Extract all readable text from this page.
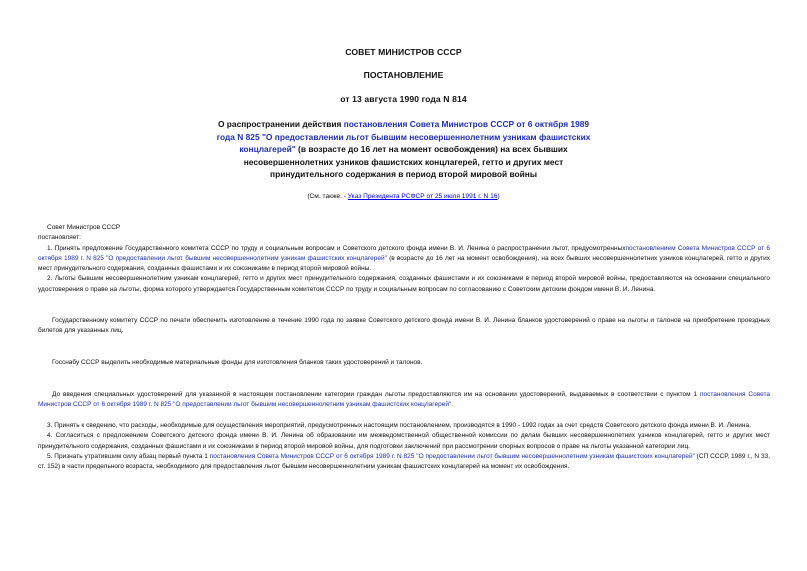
СОВЕТ МИНИСТРОВ СССР
ПОСТАНОВЛЕНИЕ
от 13 августа 1990 года N 814
О распространении действия постановления Совета Министров СССР от 6 октября 1989 года N 825 "О предоставлении льгот бывшим несовершеннолетним узникам фашистских концлагерей" (в возрасте до 16 лет на момент освобождения) на всех бывших несовершеннолетних узников фашистских концлагерей, гетто и других мест принудительного содержания в период второй мировой войны
(См. также. - Указ Президента РСФСР от 25 июля 1991 г. N 16)

Совет Министров СССР

постановляет:

1. Принять предложение Государственного комитета СССР по труду и социальным вопросам и Советского детского фонда имени В. И. Ленина о распространении льгот, предусмотренныхпостановлением Совета Министров СССР от 6 октября 1989 г. N 825 "О предоставлении льгот бывшим несовершеннолетним узникам фашистских концлагерей" (в возрасте до 16 лет на момент освобождения), на всех бывших несовершеннолетних узников концлагерей, гетто и других мест принудительного содержания, созданных фашистами и их союзниками в период второй мировой войны.

2. Льготы бывшим несовершеннолетним узникам концлагерей, гетто и других мест принудительного содержания, созданных фашистами и их союзниками в период второй мировой войны, предоставляются на основании специального удостоверения о праве на льготы, форма которого утверждается Государственным комитетом СССР по труду и социальным вопросам по согласованию с Советским детским фондом имени В. И. Ленина.

Государственному комитету СССР по печати обеспечить изготовление в течение 1990 года по заявке Советского детского фонда имени В. И. Ленина бланков удостоверений о праве на льготы и талонов на приобретение проездных билетов для указанных лиц.

Госснабу СССР выделить необходимые материальные фонды для изготовления бланков таких удостоверений и талонов.

До введения специальных удостоверений для указанной в настоящем постановлении категории граждан льготы предоставляются им на основании удостоверений, выдаваемых в соответствии с пунктом 1 постановления Совета Министров СССР от 6 октября 1989 г. N 825 "О предоставлении льгот бывшим несовершеннолетним узникам фашистских концлагерей".

3. Принять к сведению, что расходы, необходимые для осуществления мероприятий, предусмотренных настоящим постановлением, производятся в 1990 - 1992 годах за счет средств Советского детского фонда имени В. И. Ленина.

4. Согласиться с предложением Советского детского фонда имени В. И. Ленина об образовании им межведомственной общественной комиссии по делам бывших несовершеннолетних узников концлагерей, гетто и других мест принудительного содержания, созданных фашистами и их союзниками в период второй мировой войны, для подготовки заключений при рассмотрении спорных вопросов о праве на льготы указанной категории лиц.

5. Признать утратившим силу абзац первый пункта 1 постановления Совета Министров СССР от 6 октября 1989 г. N 825 "О предоставлении льгот бывшим несовершеннолетним узникам фашистских концлагерей" (СП СССР, 1989 г., N 33, ст. 152) в части предельного возраста, необходимого для предоставления льгот бывшим несовершеннолетним узникам фашистских концлагерей на момент их освобождения.
